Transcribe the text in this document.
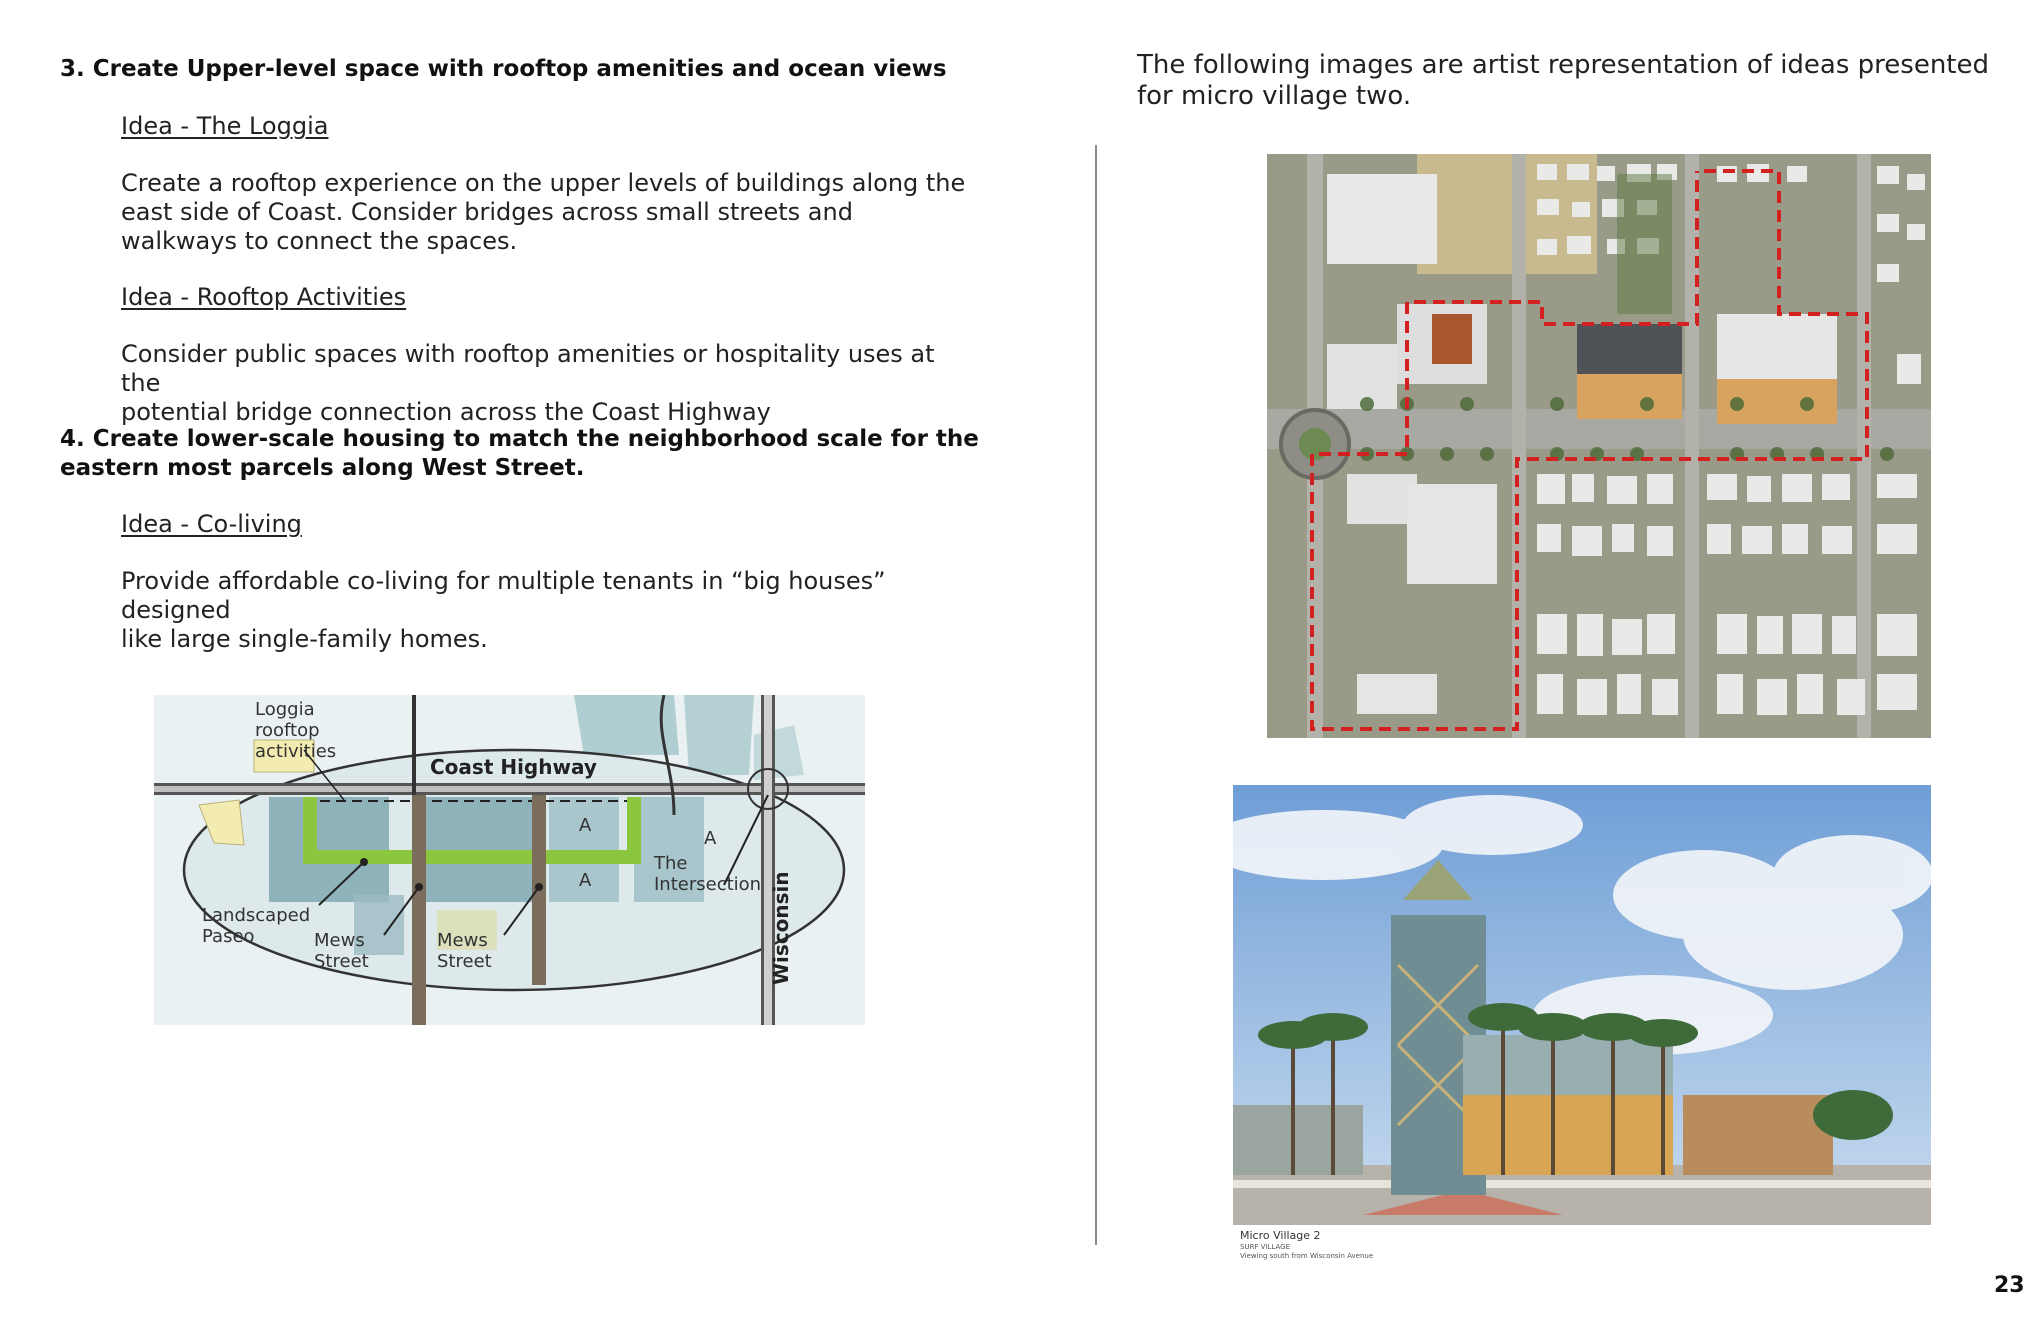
3. Create Upper-level space with rooftop amenities and ocean views
Idea - The Loggia
Create a rooftop experience on the upper levels of buildings along the
east side of Coast. Consider bridges across small streets and
walkways to connect the spaces.
Idea - Rooftop Activities
Consider public spaces with rooftop amenities or hospitality uses at the
potential bridge connection across the Coast Highway
4. Create lower-scale housing to match the neighborhood scale for the
eastern most parcels along West Street.
Idea - Co-living
Provide affordable co-living for multiple tenants in “big houses” designed
like large single-family homes.
Loggia
rooftop
activities
Coast Highway
A
A
A
The
Intersection Wisconsin
Landscaped
Paseo	Mews
Street
Mews
Street
The following images are artist representation of ideas presented
for micro village two.
Micro Village 2
SURF VILLAGE
Viewing south from Wisconsin Avenue
23
